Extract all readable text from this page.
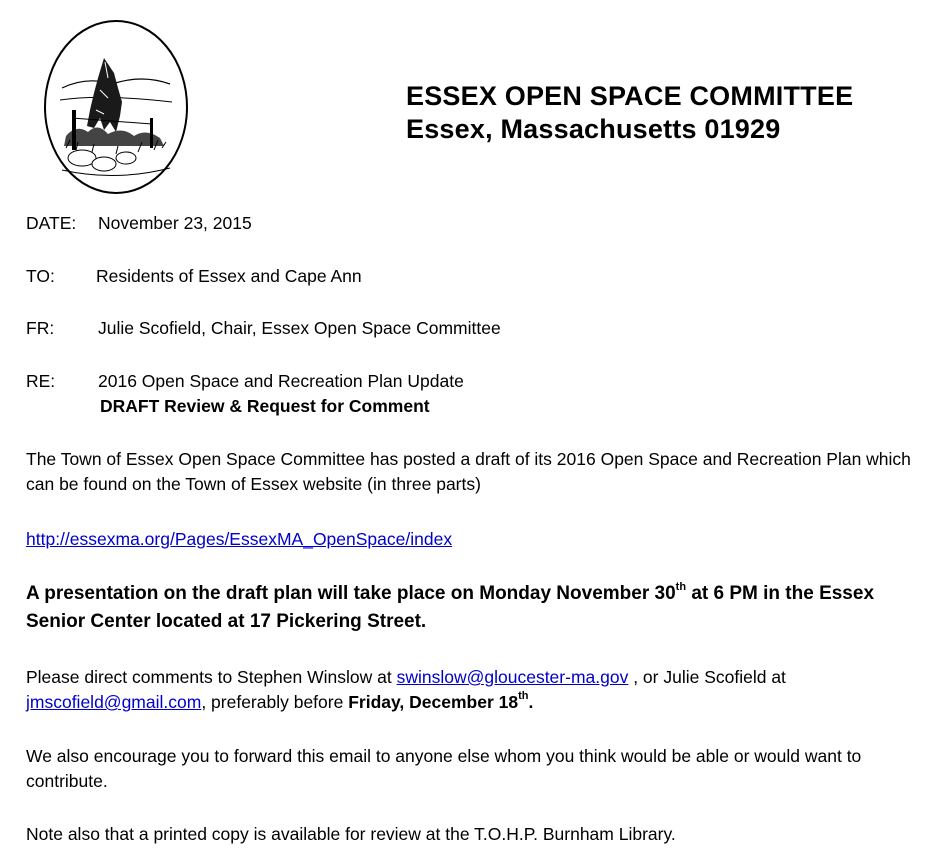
ESSEX OPEN SPACE COMMITTEE
Essex, Massachusetts 01929
DATE: November 23, 2015
TO: Residents of Essex and Cape Ann
FR:	Julie Scofield, Chair, Essex Open Space Committee
RE: 2016 Open Space and Recreation Plan Update
DRAFT Review & Request for Comment
The Town of Essex Open Space Committee has posted a draft of its 2016 Open Space and Recreation Plan which can be found on the Town of Essex website (in three parts)
http://essexma.org/Pages/EssexMA_OpenSpace/index
A presentation on the draft plan will take place on Monday November 30th at 6 PM in the Essex Senior Center located at 17 Pickering Street.
Please direct comments to Stephen Winslow at swinslow@gloucester-ma.gov , or Julie Scofield at jmscofield@gmail.com, preferably before Friday, December 18th.
We also encourage you to forward this email to anyone else whom you think would be able or would want to contribute.
Note also that a printed copy is available for review at the T.O.H.P. Burnham Library.
